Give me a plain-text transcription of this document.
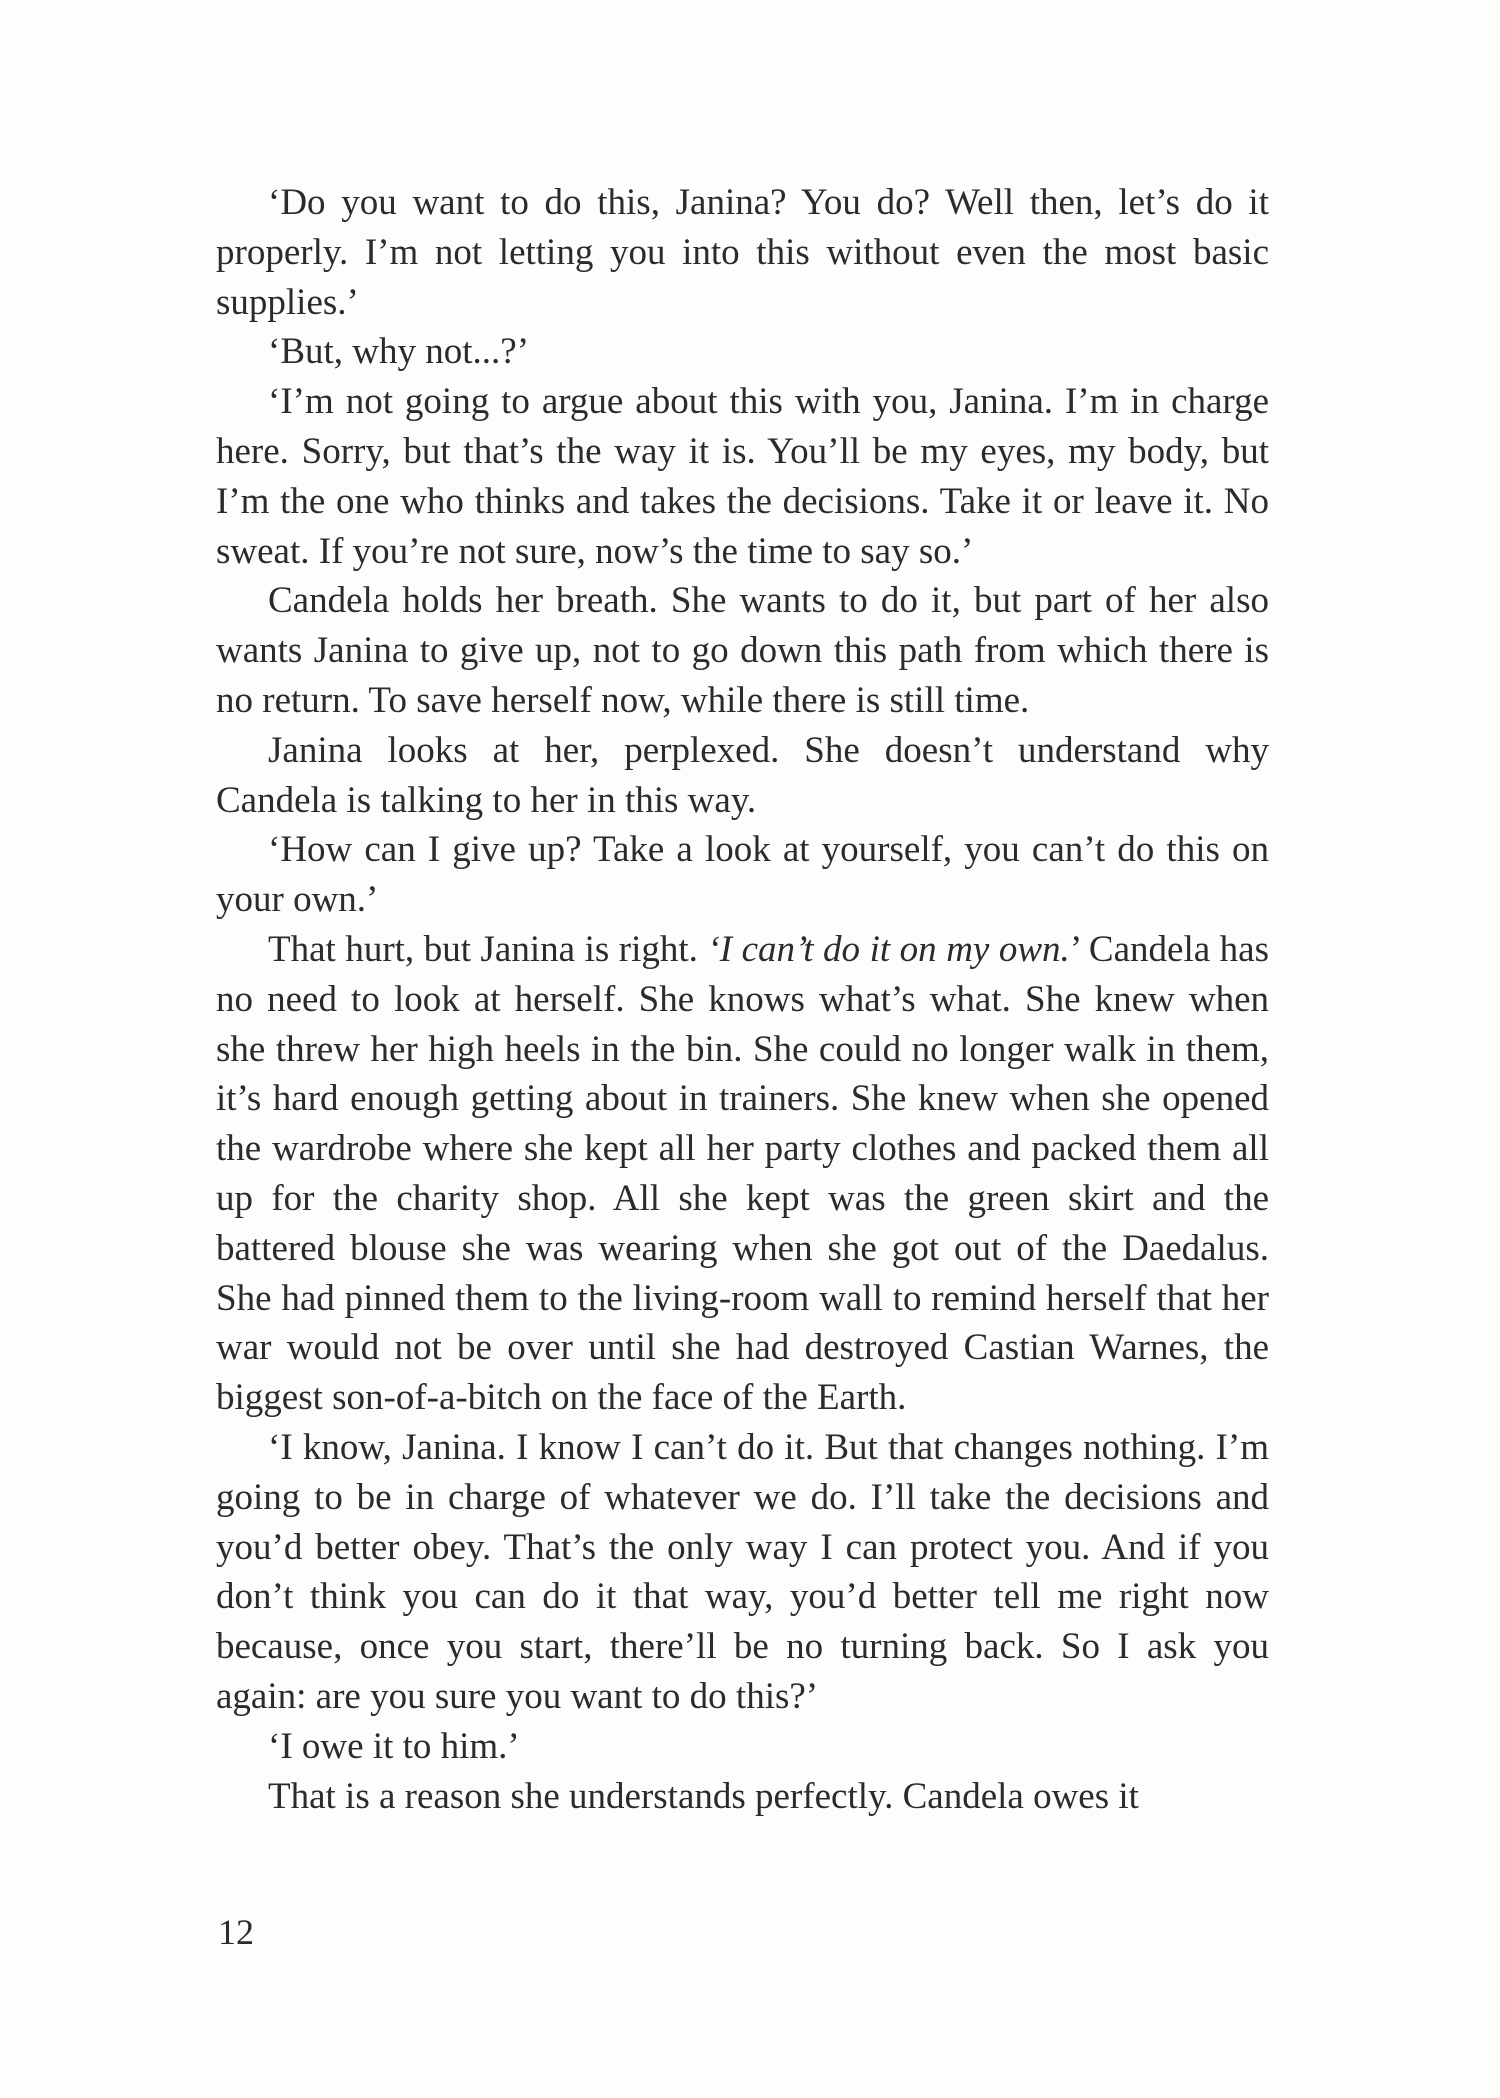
‘Do you want to do this, Janina? You do? Well then, let’s do it properly. I’m not letting you into this without even the most basic supplies.’

‘But, why not...?’

‘I’m not going to argue about this with you, Janina. I’m in charge here. Sorry, but that’s the way it is. You’ll be my eyes, my body, but I’m the one who thinks and takes the decisions. Take it or leave it. No sweat. If you’re not sure, now’s the time to say so.’

Candela holds her breath. She wants to do it, but part of her also wants Janina to give up, not to go down this path from which there is no return. To save herself now, while there is still time.

Janina looks at her, perplexed. She doesn’t understand why Candela is talking to her in this way.

‘How can I give up? Take a look at yourself, you can’t do this on your own.’

That hurt, but Janina is right. ‘I can’t do it on my own.’ Candela has no need to look at herself. She knows what’s what. She knew when she threw her high heels in the bin. She could no longer walk in them, it’s hard enough getting about in trainers. She knew when she opened the wardrobe where she kept all her party clothes and packed them all up for the charity shop. All she kept was the green skirt and the battered blouse she was wearing when she got out of the Daedalus. She had pinned them to the living-room wall to remind herself that her war would not be over until she had destroyed Castian Warnes, the biggest son-of-a-bitch on the face of the Earth.

‘I know, Janina. I know I can’t do it. But that changes nothing. I’m going to be in charge of whatever we do. I’ll take the decisions and you’d better obey. That’s the only way I can protect you. And if you don’t think you can do it that way, you’d better tell me right now because, once you start, there’ll be no turning back. So I ask you again: are you sure you want to do this?’

‘I owe it to him.’

That is a reason she understands perfectly. Candela owes it

12
